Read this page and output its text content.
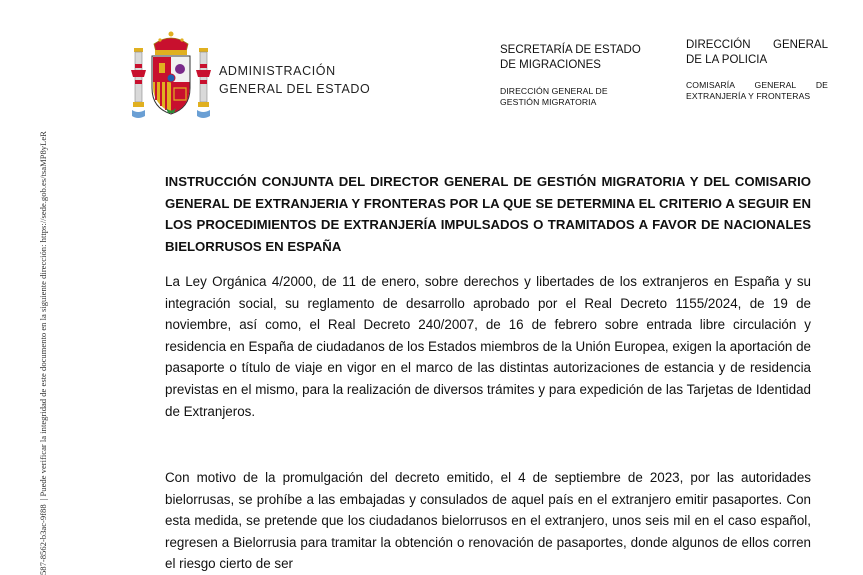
587-8562-b3ac-9f88| Puede verificar la integridad de este documento en la siguiente dirección: https://sede.gob.es/tsaMP8yLeR
ADMINISTRACIÓN
GENERAL DEL ESTADO
SECRETARÍA DE ESTADO
DE MIGRACIONES
DIRECCIÓN GENERAL DE
GESTIÓN MIGRATORIA
DIRECCIÓN GENERAL
DE LA POLICIA
COMISARÍA GENERAL DE
EXTRANJERÍA Y FRONTERAS
INSTRUCCIÓN CONJUNTA DEL DIRECTOR GENERAL DE GESTIÓN MIGRATORIA Y DEL COMISARIO GENERAL DE EXTRANJERIA Y FRONTERAS POR LA QUE SE DETERMINA EL CRITERIO A SEGUIR EN LOS PROCEDIMIENTOS DE EXTRANJERÍA IMPULSADOS O TRAMITADOS A FAVOR DE NACIONALES BIELORRUSOS EN ESPAÑA

La Ley Orgánica 4/2000, de 11 de enero, sobre derechos y libertades de los extranjeros en España y su integración social, su reglamento de desarrollo aprobado por el Real Decreto 1155/2024, de 19 de noviembre, así como, el Real Decreto 240/2007, de 16 de febrero sobre entrada libre circulación y residencia en España de ciudadanos de los Estados miembros de la Unión Europea, exigen la aportación de pasaporte o título de viaje en vigor en el marco de las distintas autorizaciones de estancia y de residencia previstas en el mismo, para la realización de diversos trámites y para expedición de las Tarjetas de Identidad de Extranjeros.

Con motivo de la promulgación del decreto emitido, el 4 de septiembre de 2023, por las autoridades bielorrusas, se prohíbe a las embajadas y consulados de aquel país en el extranjero emitir pasaportes. Con esta medida, se pretende que los ciudadanos bielorrusos en el extranjero, unos seis mil en el caso español, regresen a Bielorrusia para tramitar la obtención o renovación de pasaportes, donde algunos de ellos corren el riesgo cierto de ser
